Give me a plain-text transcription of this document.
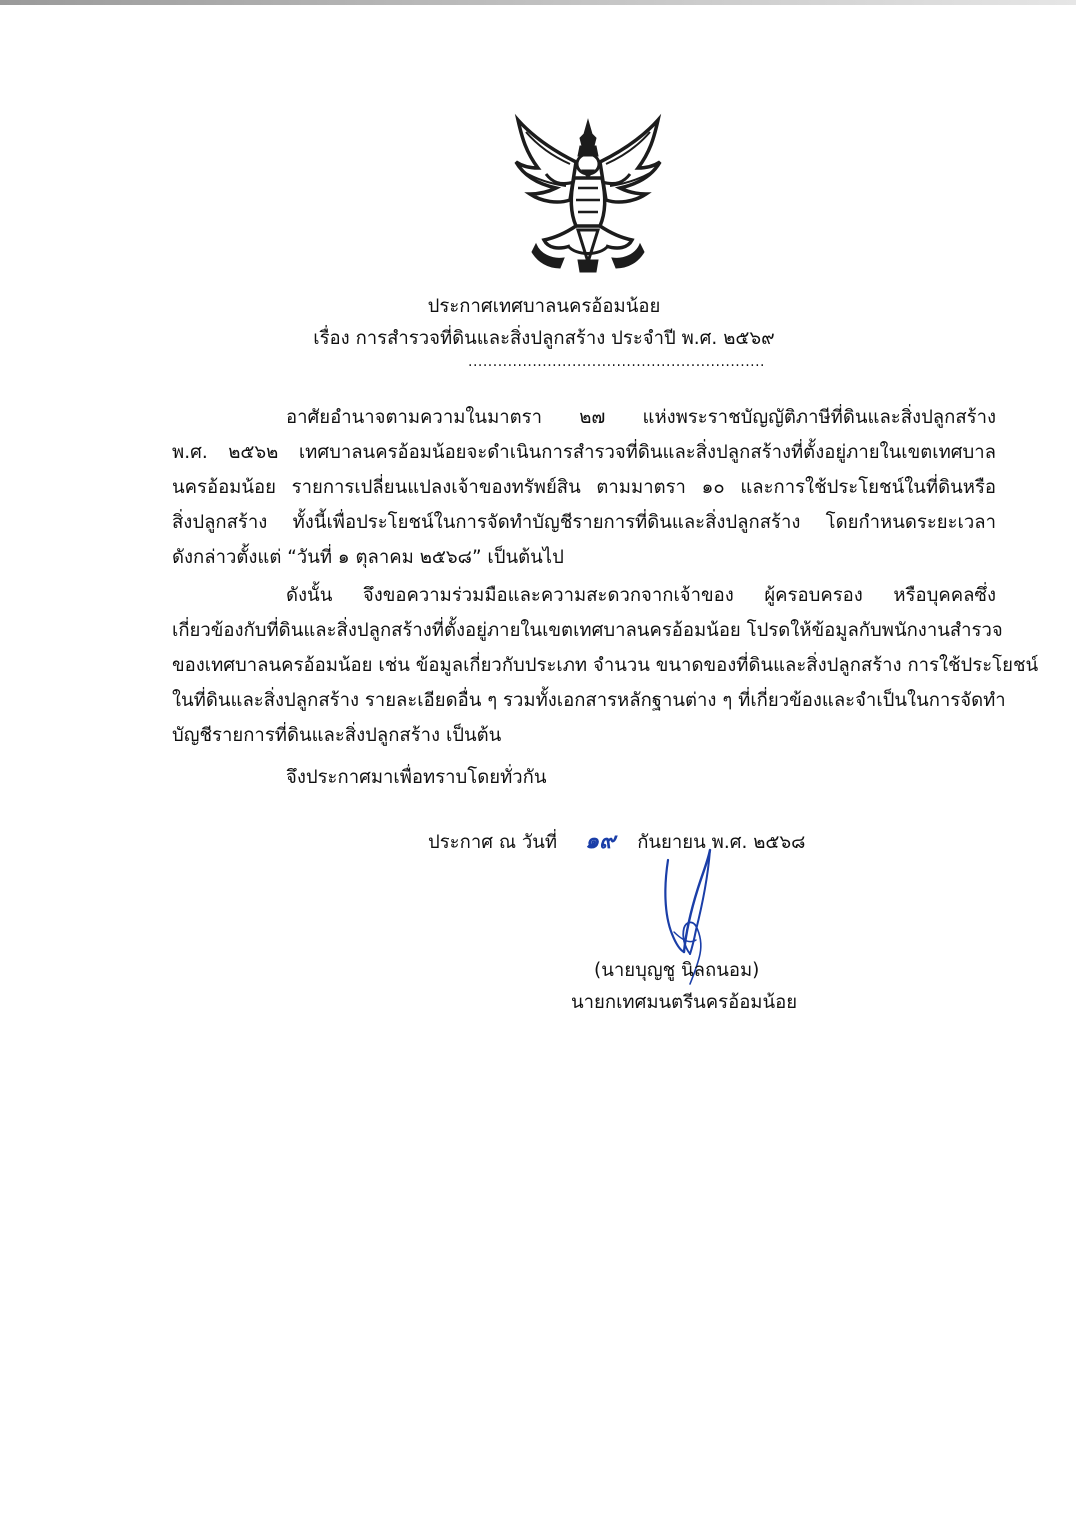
ประกาศเทศบาลนครอ้อมน้อย
เรื่อง การสำรวจที่ดินและสิ่งปลูกสร้าง ประจำปี พ.ศ. ๒๕๖๙
............................................................
อาศัยอำนาจตามความในมาตรา ๒๗ แห่งพระราชบัญญัติภาษีที่ดินและสิ่งปลูกสร้าง
พ.ศ. ๒๕๖๒ เทศบาลนครอ้อมน้อยจะดำเนินการสำรวจที่ดินและสิ่งปลูกสร้างที่ตั้งอยู่ภายในเขตเทศบาล
นครอ้อมน้อย รายการเปลี่ยนแปลงเจ้าของทรัพย์สิน ตามมาตรา ๑๐ และการใช้ประโยชน์ในที่ดินหรือ
สิ่งปลูกสร้าง ทั้งนี้เพื่อประโยชน์ในการจัดทำบัญชีรายการที่ดินและสิ่งปลูกสร้าง โดยกำหนดระยะเวลา
ดังกล่าวตั้งแต่ “วันที่ ๑ ตุลาคม ๒๕๖๘” เป็นต้นไป
ดังนั้น จึงขอความร่วมมือและความสะดวกจากเจ้าของ ผู้ครอบครอง หรือบุคคลซึ่ง
เกี่ยวข้องกับที่ดินและสิ่งปลูกสร้างที่ตั้งอยู่ภายในเขตเทศบาลนครอ้อมน้อย โปรดให้ข้อมูลกับพนักงานสำรวจ
ของเทศบาลนครอ้อมน้อย เช่น ข้อมูลเกี่ยวกับประเภท จำนวน ขนาดของที่ดินและสิ่งปลูกสร้าง การใช้ประโยชน์
ในที่ดินและสิ่งปลูกสร้าง รายละเอียดอื่น ๆ รวมทั้งเอกสารหลักฐานต่าง ๆ ที่เกี่ยวข้องและจำเป็นในการจัดทำ
บัญชีรายการที่ดินและสิ่งปลูกสร้าง เป็นต้น
จึงประกาศมาเพื่อทราบโดยทั่วกัน
ประกาศ ณ วันที่ ๑๙ กันยายน พ.ศ. ๒๕๖๘
(นายบุญชู นิลถนอม)
นายกเทศมนตรีนครอ้อมน้อย
